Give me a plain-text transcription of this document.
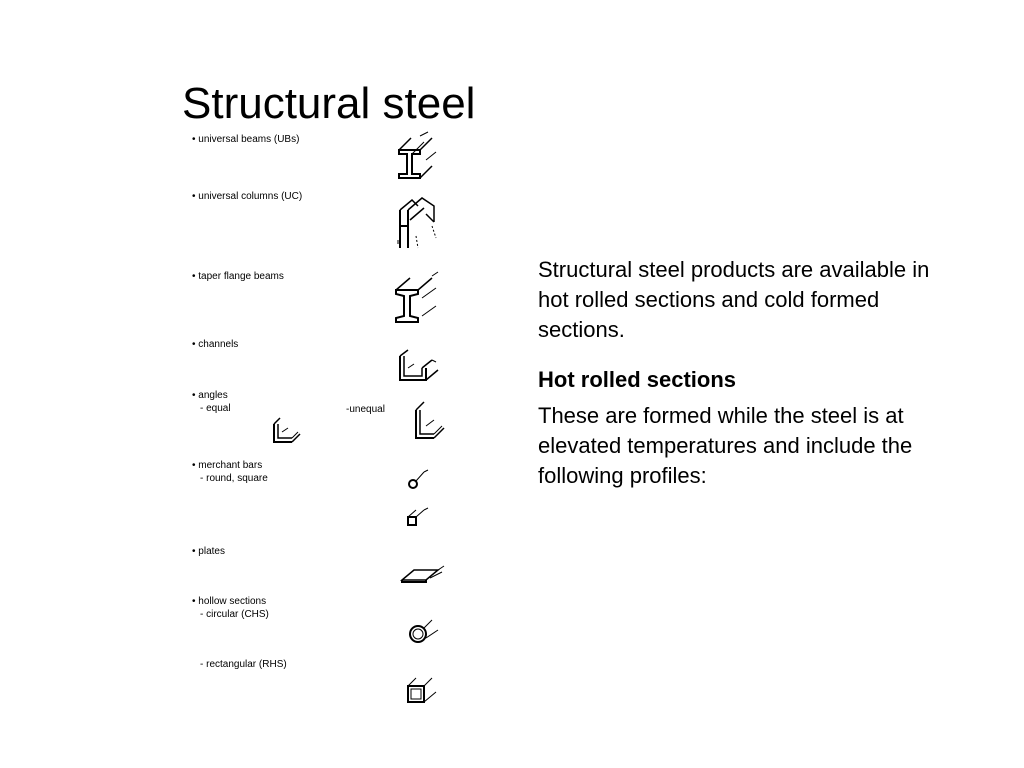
Structural steel
• universal beams (UBs)
• universal columns (UC)
• taper flange beams
• channels
• angles
- equal	-unequal
• merchant bars
- round, square
• plates
• hollow sections
- circular (CHS)
- rectangular (RHS)

Structural steel products are available in hot rolled sections and cold formed sections.

Hot rolled sections

These are formed while the steel is at elevated temperatures and include the following profiles:
